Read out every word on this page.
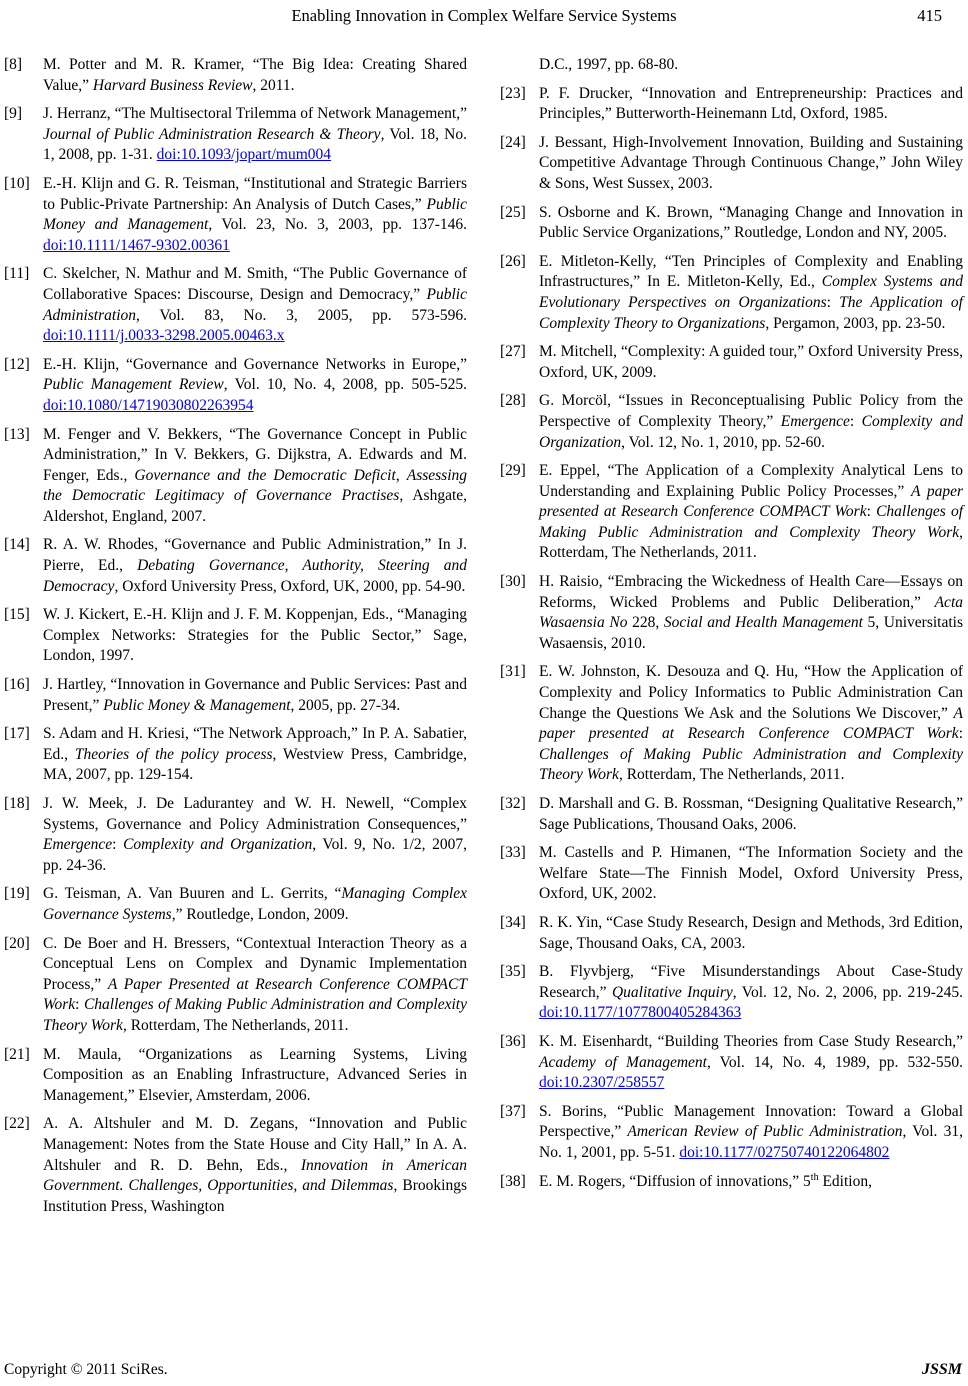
Enabling Innovation in Complex Welfare Service Systems	415
[8] M. Potter and M. R. Kramer, “The Big Idea: Creating Shared Value,” Harvard Business Review, 2011.
[9] J. Herranz, “The Multisectoral Trilemma of Network Management,” Journal of Public Administration Research & Theory, Vol. 18, No. 1, 2008, pp. 1-31. doi:10.1093/jopart/mum004
[10] E.-H. Klijn and G. R. Teisman, “Institutional and Strategic Barriers to Public-Private Partnership: An Analysis of Dutch Cases,” Public Money and Management, Vol. 23, No. 3, 2003, pp. 137-146. doi:10.1111/1467-9302.00361
[11] C. Skelcher, N. Mathur and M. Smith, “The Public Governance of Collaborative Spaces: Discourse, Design and Democracy,” Public Administration, Vol. 83, No. 3, 2005, pp. 573-596. doi:10.1111/j.0033-3298.2005.00463.x
[12] E.-H. Klijn, “Governance and Governance Networks in Europe,” Public Management Review, Vol. 10, No. 4, 2008, pp. 505-525. doi:10.1080/14719030802263954
[13] M. Fenger and V. Bekkers, “The Governance Concept in Public Administration,” In V. Bekkers, G. Dijkstra, A. Edwards and M. Fenger, Eds., Governance and the Democratic Deficit, Assessing the Democratic Legitimacy of Governance Practises, Ashgate, Aldershot, England, 2007.
[14] R. A. W. Rhodes, “Governance and Public Administration,” In J. Pierre, Ed., Debating Governance, Authority, Steering and Democracy, Oxford University Press, Oxford, UK, 2000, pp. 54-90.
[15] W. J. Kickert, E.-H. Klijn and J. F. M. Koppenjan, Eds., “Managing Complex Networks: Strategies for the Public Sector,” Sage, London, 1997.
[16] J. Hartley, “Innovation in Governance and Public Services: Past and Present,” Public Money & Management, 2005, pp. 27-34.
[17] S. Adam and H. Kriesi, “The Network Approach,” In P. A. Sabatier, Ed., Theories of the policy process, Westview Press, Cambridge, MA, 2007, pp. 129-154.
[18] J. W. Meek, J. De Ladurantey and W. H. Newell, “Complex Systems, Governance and Policy Administration Consequences,” Emergence: Complexity and Organization, Vol. 9, No. 1/2, 2007, pp. 24-36.
[19] G. Teisman, A. Van Buuren and L. Gerrits, “Managing Complex Governance Systems,” Routledge, London, 2009.
[20] C. De Boer and H. Bressers, “Contextual Interaction Theory as a Conceptual Lens on Complex and Dynamic Implementation Process,” A Paper Presented at Research Conference COMPACT Work: Challenges of Making Public Administration and Complexity Theory Work, Rotterdam, The Netherlands, 2011.
[21] M. Maula, “Organizations as Learning Systems, Living Composition as an Enabling Infrastructure, Advanced Series in Management,” Elsevier, Amsterdam, 2006.
[22] A. A. Altshuler and M. D. Zegans, “Innovation and Public Management: Notes from the State House and City Hall,” In A. A. Altshuler and R. D. Behn, Eds., Innovation in American Government. Challenges, Opportunities, and Dilemmas, Brookings Institution Press, Washington
D.C., 1997, pp. 68-80.
[23] P. F. Drucker, “Innovation and Entrepreneurship: Practices and Principles,” Butterworth-Heinemann Ltd, Oxford, 1985.
[24] J. Bessant, High-Involvement Innovation, Building and Sustaining Competitive Advantage Through Continuous Change,” John Wiley & Sons, West Sussex, 2003.
[25] S. Osborne and K. Brown, “Managing Change and Innovation in Public Service Organizations,” Routledge, London and NY, 2005.
[26] E. Mitleton-Kelly, “Ten Principles of Complexity and Enabling Infrastructures,” In E. Mitleton-Kelly, Ed., Complex Systems and Evolutionary Perspectives on Organizations: The Application of Complexity Theory to Organizations, Pergamon, 2003, pp. 23-50.
[27] M. Mitchell, “Complexity: A guided tour,” Oxford University Press, Oxford, UK, 2009.
[28] G. Morcöl, “Issues in Reconceptualising Public Policy from the Perspective of Complexity Theory,” Emergence: Complexity and Organization, Vol. 12, No. 1, 2010, pp. 52-60.
[29] E. Eppel, “The Application of a Complexity Analytical Lens to Understanding and Explaining Public Policy Processes,” A paper presented at Research Conference COMPACT Work: Challenges of Making Public Administration and Complexity Theory Work, Rotterdam, The Netherlands, 2011.
[30] H. Raisio, “Embracing the Wickedness of Health Care—Essays on Reforms, Wicked Problems and Public Deliberation,” Acta Wasaensia No 228, Social and Health Management 5, Universitatis Wasaensis, 2010.
[31] E. W. Johnston, K. Desouza and Q. Hu, “How the Application of Complexity and Policy Informatics to Public Administration Can Change the Questions We Ask and the Solutions We Discover,” A paper presented at Research Conference COMPACT Work: Challenges of Making Public Administration and Complexity Theory Work, Rotterdam, The Netherlands, 2011.
[32] D. Marshall and G. B. Rossman, “Designing Qualitative Research,” Sage Publications, Thousand Oaks, 2006.
[33] M. Castells and P. Himanen, “The Information Society and the Welfare State—The Finnish Model, Oxford University Press, Oxford, UK, 2002.
[34] R. K. Yin, “Case Study Research, Design and Methods, 3rd Edition, Sage, Thousand Oaks, CA, 2003.
[35] B. Flyvbjerg, “Five Misunderstandings About Case-Study Research,” Qualitative Inquiry, Vol. 12, No. 2, 2006, pp. 219-245. doi:10.1177/1077800405284363
[36] K. M. Eisenhardt, “Building Theories from Case Study Research,” Academy of Management, Vol. 14, No. 4, 1989, pp. 532-550. doi:10.2307/258557
[37] S. Borins, “Public Management Innovation: Toward a Global Perspective,” American Review of Public Administration, Vol. 31, No. 1, 2001, pp. 5-51. doi:10.1177/02750740122064802
[38] E. M. Rogers, “Diffusion of innovations,” 5th Edition,
Copyright © 2011 SciRes.	JSSM
